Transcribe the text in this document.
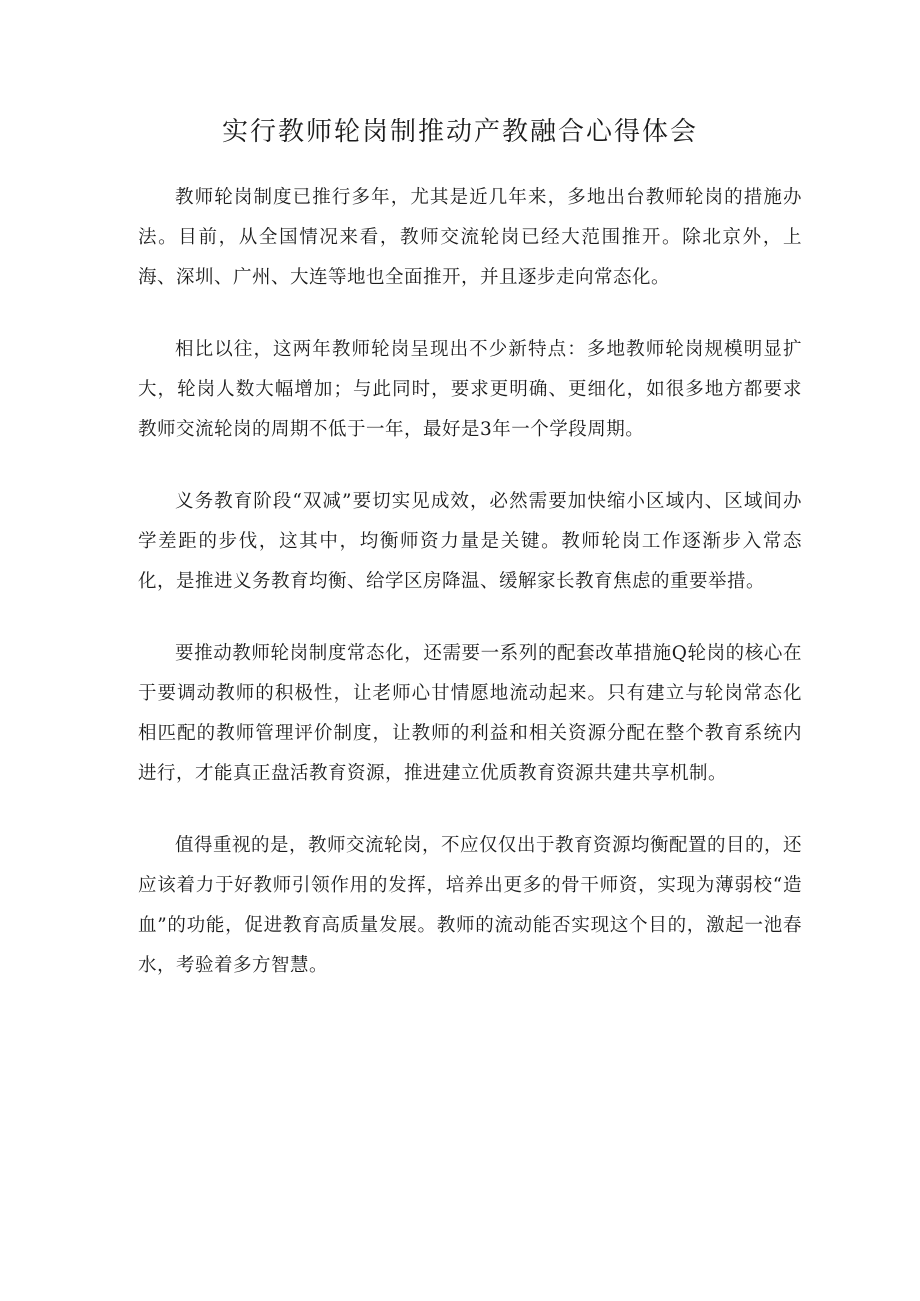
实行教师轮岗制推动产教融合心得体会

教师轮岗制度已推行多年，尤其是近几年来，多地出台教师轮岗的措施办法。目前，从全国情况来看，教师交流轮岗已经大范围推开。除北京外，上海、深圳、广州、大连等地也全面推开，并且逐步走向常态化。

相比以往，这两年教师轮岗呈现出不少新特点：多地教师轮岗规模明显扩大，轮岗人数大幅增加；与此同时，要求更明确、更细化，如很多地方都要求教师交流轮岗的周期不低于一年，最好是3年一个学段周期。

义务教育阶段“双减”要切实见成效，必然需要加快缩小区域内、区域间办学差距的步伐，这其中，均衡师资力量是关键。教师轮岗工作逐渐步入常态化，是推进义务教育均衡、给学区房降温、缓解家长教育焦虑的重要举措。

要推动教师轮岗制度常态化，还需要一系列的配套改革措施Q轮岗的核心在于要调动教师的积极性，让老师心甘情愿地流动起来。只有建立与轮岗常态化相匹配的教师管理评价制度，让教师的利益和相关资源分配在整个教育系统内进行，才能真正盘活教育资源，推进建立优质教育资源共建共享机制。

值得重视的是，教师交流轮岗，不应仅仅出于教育资源均衡配置的目的，还应该着力于好教师引领作用的发挥，培养出更多的骨干师资，实现为薄弱校“造血”的功能，促进教育高质量发展。教师的流动能否实现这个目的，激起一池春水，考验着多方智慧。
